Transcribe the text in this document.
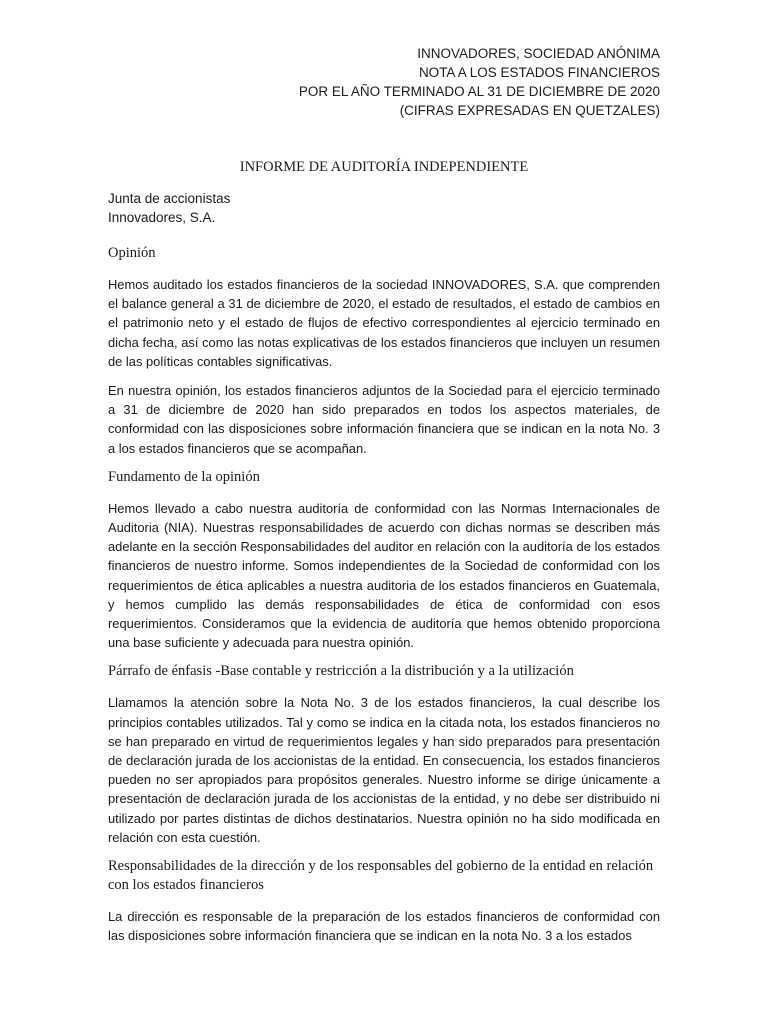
INNOVADORES, SOCIEDAD ANÓNIMA
NOTA A LOS ESTADOS FINANCIEROS
POR EL AÑO TERMINADO AL 31 DE DICIEMBRE DE 2020
(CIFRAS EXPRESADAS EN QUETZALES)
INFORME DE AUDITORÍA INDEPENDIENTE
Junta de accionistas
Innovadores, S.A.
Opinión

Hemos auditado los estados financieros de la sociedad INNOVADORES, S.A. que comprenden el balance general a 31 de diciembre de 2020, el estado de resultados, el estado de cambios en el patrimonio neto y el estado de flujos de efectivo correspondientes al ejercicio terminado en dicha fecha, así como las notas explicativas de los estados financieros que incluyen un resumen de las políticas contables significativas.

En nuestra opinión, los estados financieros adjuntos de la Sociedad para el ejercicio terminado a 31 de diciembre de 2020 han sido preparados en todos los aspectos materiales, de conformidad con las disposiciones sobre información financiera que se indican en la nota No. 3 a los estados financieros que se acompañan.

Fundamento de la opinión

Hemos llevado a cabo nuestra auditoría de conformidad con las Normas Internacionales de Auditoria (NIA). Nuestras responsabilidades de acuerdo con dichas normas se describen más adelante en la sección Responsabilidades del auditor en relación con la auditoría de los estados financieros de nuestro informe. Somos independientes de la Sociedad de conformidad con los requerimientos de ética aplicables a nuestra auditoria de los estados financieros en Guatemala, y hemos cumplido las demás responsabilidades de ética de conformidad con esos requerimientos. Consideramos que la evidencia de auditoría que hemos obtenido proporciona una base suficiente y adecuada para nuestra opinión.

Párrafo de énfasis -Base contable y restricción a la distribución y a la utilización

Llamamos la atención sobre la Nota No. 3 de los estados financieros, la cual describe los principios contables utilizados. Tal y como se indica en la citada nota, los estados financieros no se han preparado en virtud de requerimientos legales y han sido preparados para presentación de declaración jurada de los accionistas de la entidad. En consecuencia, los estados financieros pueden no ser apropiados para propósitos generales. Nuestro informe se dirige únicamente a presentación de declaración jurada de los accionistas de la entidad, y no debe ser distribuido ni utilizado por partes distintas de dichos destinatarios. Nuestra opinión no ha sido modificada en relación con esta cuestión.

Responsabilidades de la dirección y de los responsables del gobierno de la entidad en relación con los estados financieros

La dirección es responsable de la preparación de los estados financieros de conformidad con las disposiciones sobre información financiera que se indican en la nota No. 3 a los estados
